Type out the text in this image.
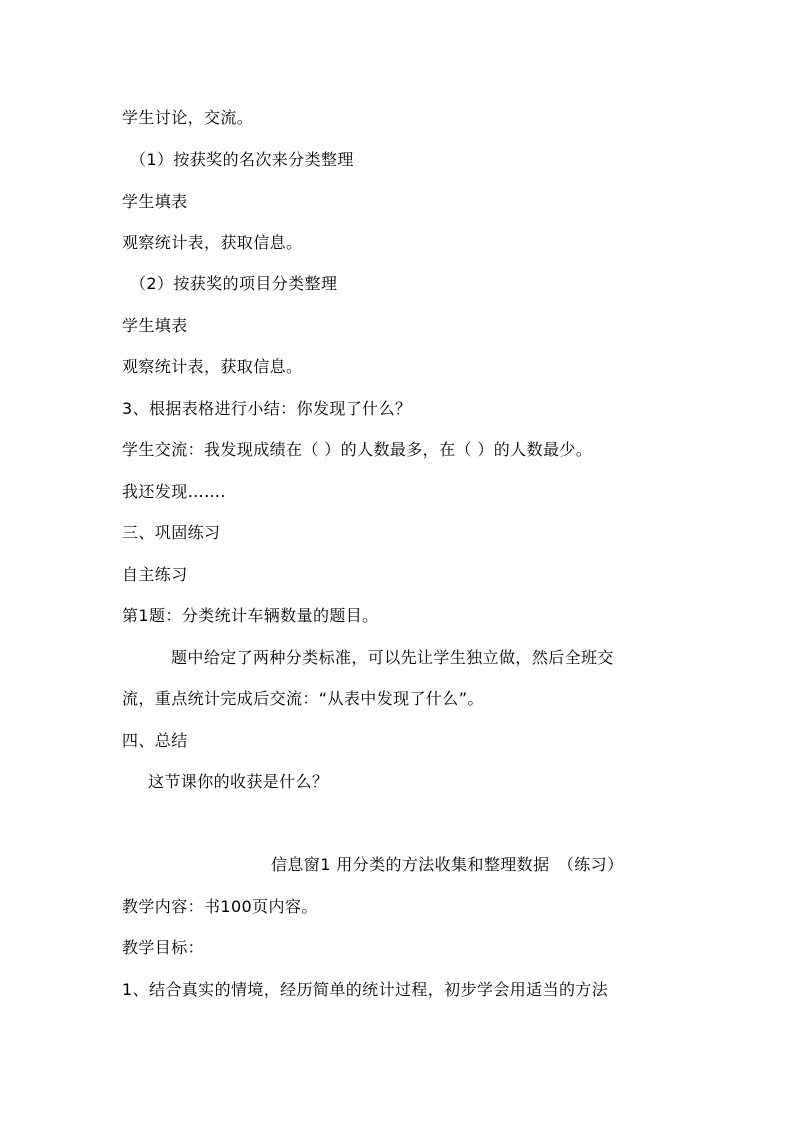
学生讨论，交流。
（1）按获奖的名次来分类整理
学生填表
观察统计表，获取信息。
（2）按获奖的项目分类整理
学生填表
观察统计表，获取信息。
3、根据表格进行小结：你发现了什么？
学生交流：我发现成绩在（ ）的人数最多，在（ ）的人数最少。
我还发现…….
三、巩固练习
自主练习
第1题：分类统计车辆数量的题目。
题中给定了两种分类标准，可以先让学生独立做，然后全班交
流，重点统计完成后交流：“从表中发现了什么”。
四、总结
这节课你的收获是什么？
信息窗1 用分类的方法收集和整理数据　（练习）
教学内容：书100页内容。
教学目标：
1、结合真实的情境，经历简单的统计过程，初步学会用适当的方法
